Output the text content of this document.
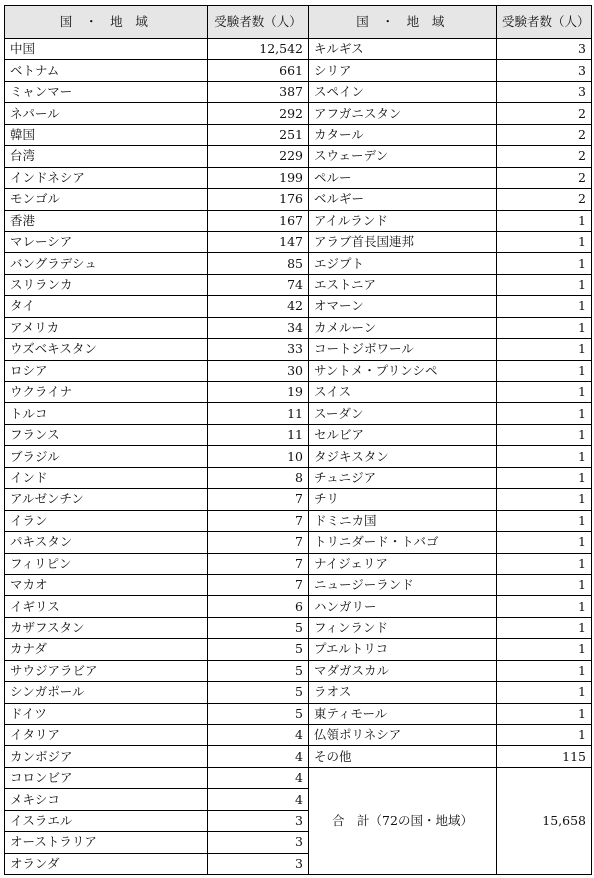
国 ・ 地 域	受験者数（人）	国 ・ 地 域	受験者数（人）
中国	12,542	キルギス	3
ベトナム	661	シリア	3
ミャンマー	387	スペイン	3
ネパール	292	アフガニスタン	2
韓国	251	カタール	2
台湾	229	スウェーデン	2
インドネシア	199	ペルー	2
モンゴル	176	ベルギー	2
香港	167	アイルランド	1
マレーシア	147	アラブ首長国連邦	1
バングラデシュ	85	エジプト	1
スリランカ	74	エストニア	1
タイ	42	オマーン	1
アメリカ	34	カメルーン	1
ウズベキスタン	33	コートジボワール	1
ロシア	30	サントメ・プリンシペ	1
ウクライナ	19	スイス	1
トルコ	11	スーダン	1
フランス	11	セルビア	1
ブラジル	10	タジキスタン	1
インド	8	チュニジア	1
アルゼンチン	7	チリ	1
イラン	7	ドミニカ国	1
パキスタン	7	トリニダード・トバゴ	1
フィリピン	7	ナイジェリア	1
マカオ	7	ニュージーランド	1
イギリス	6	ハンガリー	1
カザフスタン	5	フィンランド	1
カナダ	5	プエルトリコ	1
サウジアラビア	5	マダガスカル	1
シンガポール	5	ラオス	1
ドイツ	5	東ティモール	1
イタリア	4	仏領ポリネシア	1
カンボジア	4	その他	115
コロンビア	4	合　計（72の国・地域）	15,658
メキシコ	4		
イスラエル	3		
オーストラリア	3		
オランダ	3		
